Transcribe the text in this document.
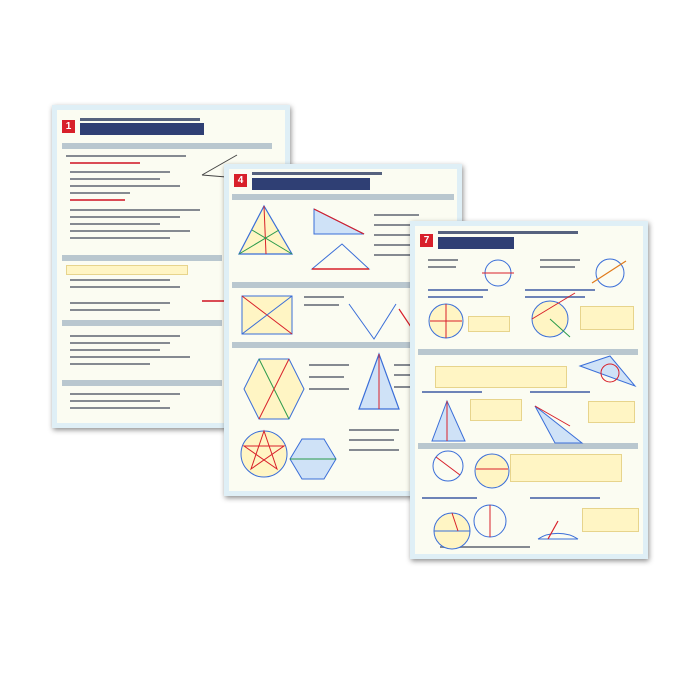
1
4
7
